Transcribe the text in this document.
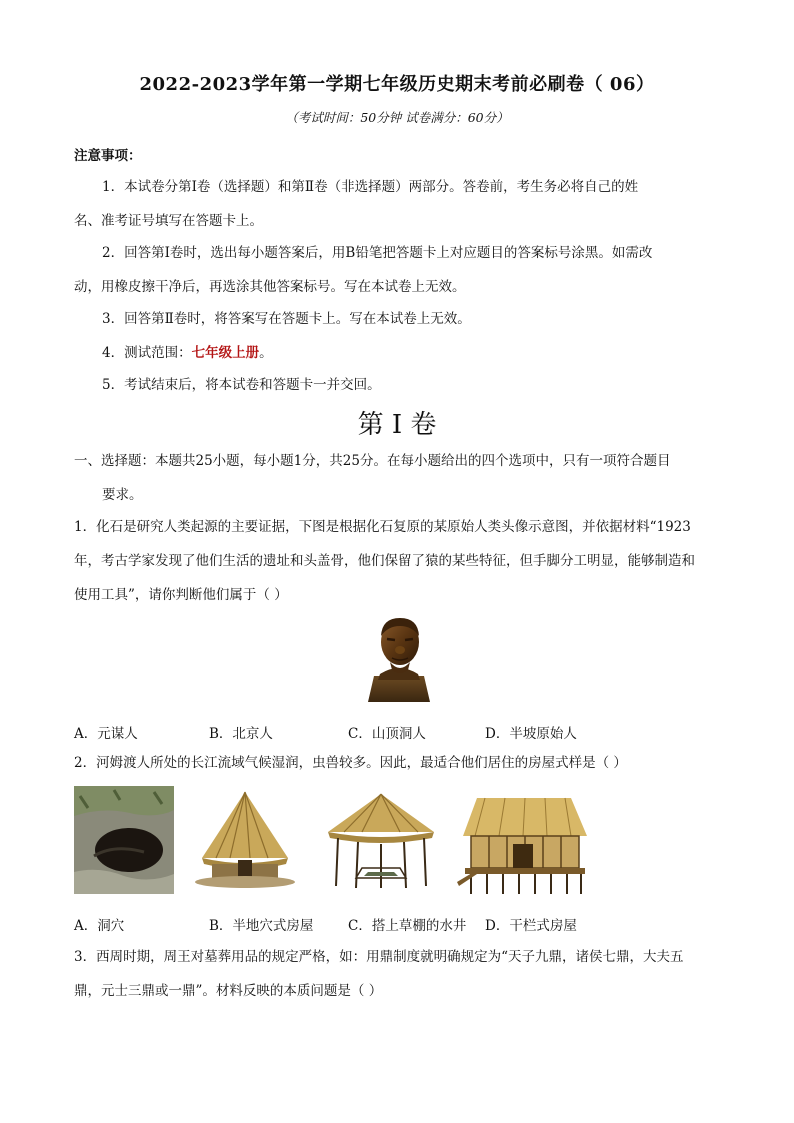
2022-2023学年第一学期七年级历史期末考前必刷卷（ 06）
（考试时间：50分钟 试卷满分：60分）
注意事项：
1．本试卷分第Ⅰ卷（选择题）和第Ⅱ卷（非选择题）两部分。答卷前，考生务必将自己的姓
名、准考证号填写在答题卡上。
2．回答第Ⅰ卷时，选出每小题答案后，用B铅笔把答题卡上对应题目的答案标号涂黑。如需改
动，用橡皮擦干净后，再选涂其他答案标号。写在本试卷上无效。
3．回答第Ⅱ卷时，将答案写在答题卡上。写在本试卷上无效。
4．测试范围：七年级上册。
5．考试结束后，将本试卷和答题卡一并交回。
第 I 卷
一、选择题：本题共25小题，每小题1分，共25分。在每小题给出的四个选项中，只有一项符合题目
要求。
1．化石是研究人类起源的主要证据，下图是根据化石复原的某原始人类头像示意图，并依据材料“1923
年，考古学家发现了他们生活的遗址和头盖骨，他们保留了猿的某些特征，但手脚分工明显，能够制造和
使用工具”，请你判断他们属于（ ）
A．元谋人	B．北京人	C．山顶洞人	D．半坡原始人
2．河姆渡人所处的长江流域气候湿润，虫兽较多。因此，最适合他们居住的房屋式样是（ ）
A．洞穴	B．半地穴式房屋	C．搭上草棚的水井 D．干栏式房屋
3．西周时期，周王对墓葬用品的规定严格，如：用鼎制度就明确规定为“天子九鼎，诸侯七鼎，大夫五
鼎，元士三鼎或一鼎”。材料反映的本质问题是（ ）
